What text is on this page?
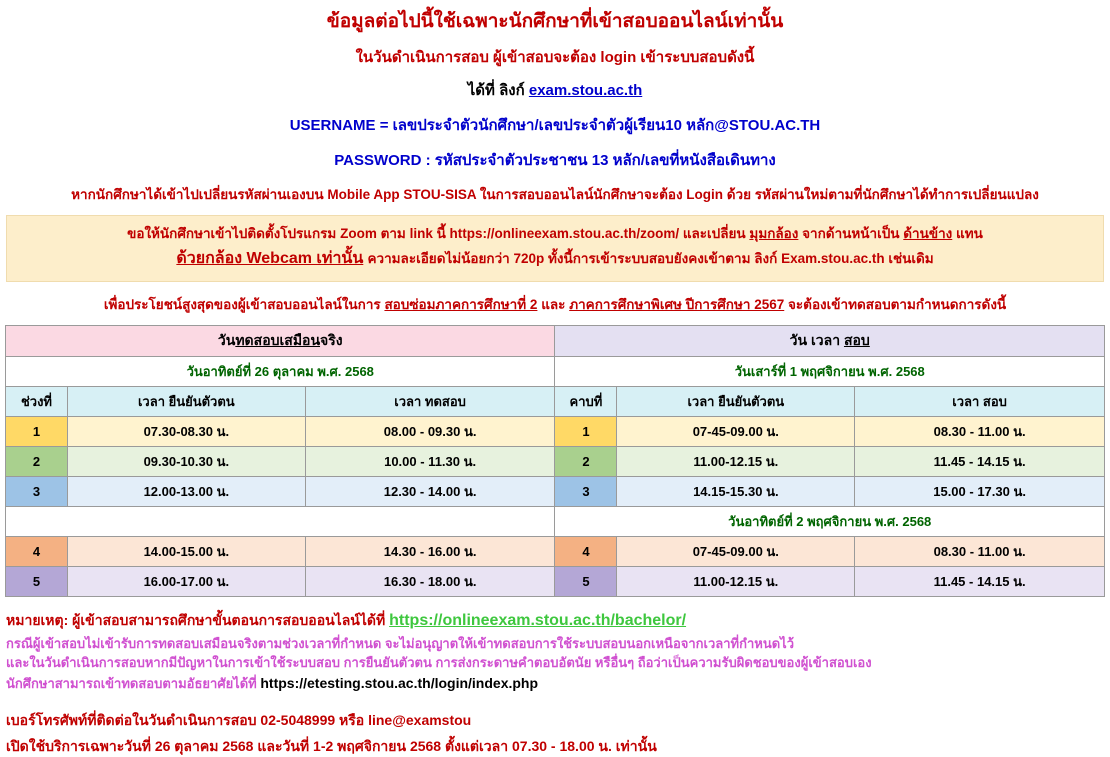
ข้อมูลต่อไปนี้ใช้เฉพาะนักศึกษาที่เข้าสอบออนไลน์เท่านั้น
ในวันดำเนินการสอบ ผู้เข้าสอบจะต้อง login เข้าระบบสอบดังนี้
ได้ที่ ลิงก์ exam.stou.ac.th
USERNAME = เลขประจำตัวนักศึกษา/เลขประจำตัวผู้เรียน10 หลัก@STOU.AC.TH
PASSWORD : รหัสประจำตัวประชาชน 13 หลัก/เลขที่หนังสือเดินทาง
หากนักศึกษาได้เข้าไปเปลี่ยนรหัสผ่านเองบน Mobile App STOU-SISA ในการสอบออนไลน์นักศึกษาจะต้อง Login ด้วย รหัสผ่านใหม่ตามที่นักศึกษาได้ทำการเปลี่ยนแปลง
ขอให้นักศึกษาเข้าไปติดตั้งโปรแกรม Zoom ตาม link นี้ https://onlineexam.stou.ac.th/zoom/ และเปลี่ยน มุมกล้อง จากด้านหน้าเป็น ด้านข้าง แทน
ด้วยกล้อง Webcam เท่านั้น ความละเอียดไม่น้อยกว่า 720p ทั้งนี้การเข้าระบบสอบยังคงเข้าตาม ลิงก์ Exam.stou.ac.th เช่นเดิม
เพื่อประโยชน์สูงสุดของผู้เข้าสอบออนไลน์ในการ สอบซ่อมภาคการศึกษาที่ 2 และ ภาคการศึกษาพิเศษ ปีการศึกษา 2567 จะต้องเข้าทดสอบตามกำหนดการดังนี้
วันทดสอบเสมือนจริง			วัน เวลา สอบ		
วันอาทิตย์ที่ 26 ตุลาคม พ.ศ. 2568			วันเสาร์ที่ 1 พฤศจิกายน พ.ศ. 2568		
ช่วงที่	เวลา ยืนยันตัวตน	เวลา ทดสอบ	คาบที่	เวลา ยืนยันตัวตน	เวลา สอบ
1	07.30-08.30 น.	08.00 - 09.30 น.	1	07-45-09.00 น.	08.30 - 11.00 น.
2	09.30-10.30 น.	10.00 - 11.30 น.	2	11.00-12.15 น.	11.45 - 14.15 น.
3	12.00-13.00 น.	12.30 - 14.00 น.	3	14.15-15.30 น.	15.00 - 17.30 น.
			วันอาทิตย์ที่ 2 พฤศจิกายน พ.ศ. 2568		
4	14.00-15.00 น.	14.30 - 16.00 น.	4	07-45-09.00 น.	08.30 - 11.00 น.
5	16.00-17.00 น.	16.30 - 18.00 น.	5	11.00-12.15 น.	11.45 - 14.15 น.
หมายเหตุ: ผู้เข้าสอบสามารถศึกษาขั้นตอนการสอบออนไลน์ได้ที่ https://onlineexam.stou.ac.th/bachelor/
กรณีผู้เข้าสอบไม่เข้ารับการทดสอบเสมือนจริงตามช่วงเวลาที่กำหนด จะไม่อนุญาตให้เข้าทดสอบการใช้ระบบสอบนอกเหนือจากเวลาที่กำหนดไว้
และในวันดำเนินการสอบหากมีปัญหาในการเข้าใช้ระบบสอบ การยืนยันตัวตน การส่งกระดาษคำตอบอัตนัย หรือื่นๆ ถือว่าเป็นความรับผิดชอบของผู้เข้าสอบเอง
นักศึกษาสามารถเข้าทดสอบตามอัธยาศัยได้ที่ https://etesting.stou.ac.th/login/index.php
เบอร์โทรศัพท์ที่ติดต่อในวันดำเนินการสอบ 02-5048999 หรือ line@examstou
เปิดใช้บริการเฉพาะวันที่ 26 ตุลาคม 2568 และวันที่ 1-2 พฤศจิกายน 2568 ตั้งแต่เวลา 07.30 - 18.00 น. เท่านั้น
